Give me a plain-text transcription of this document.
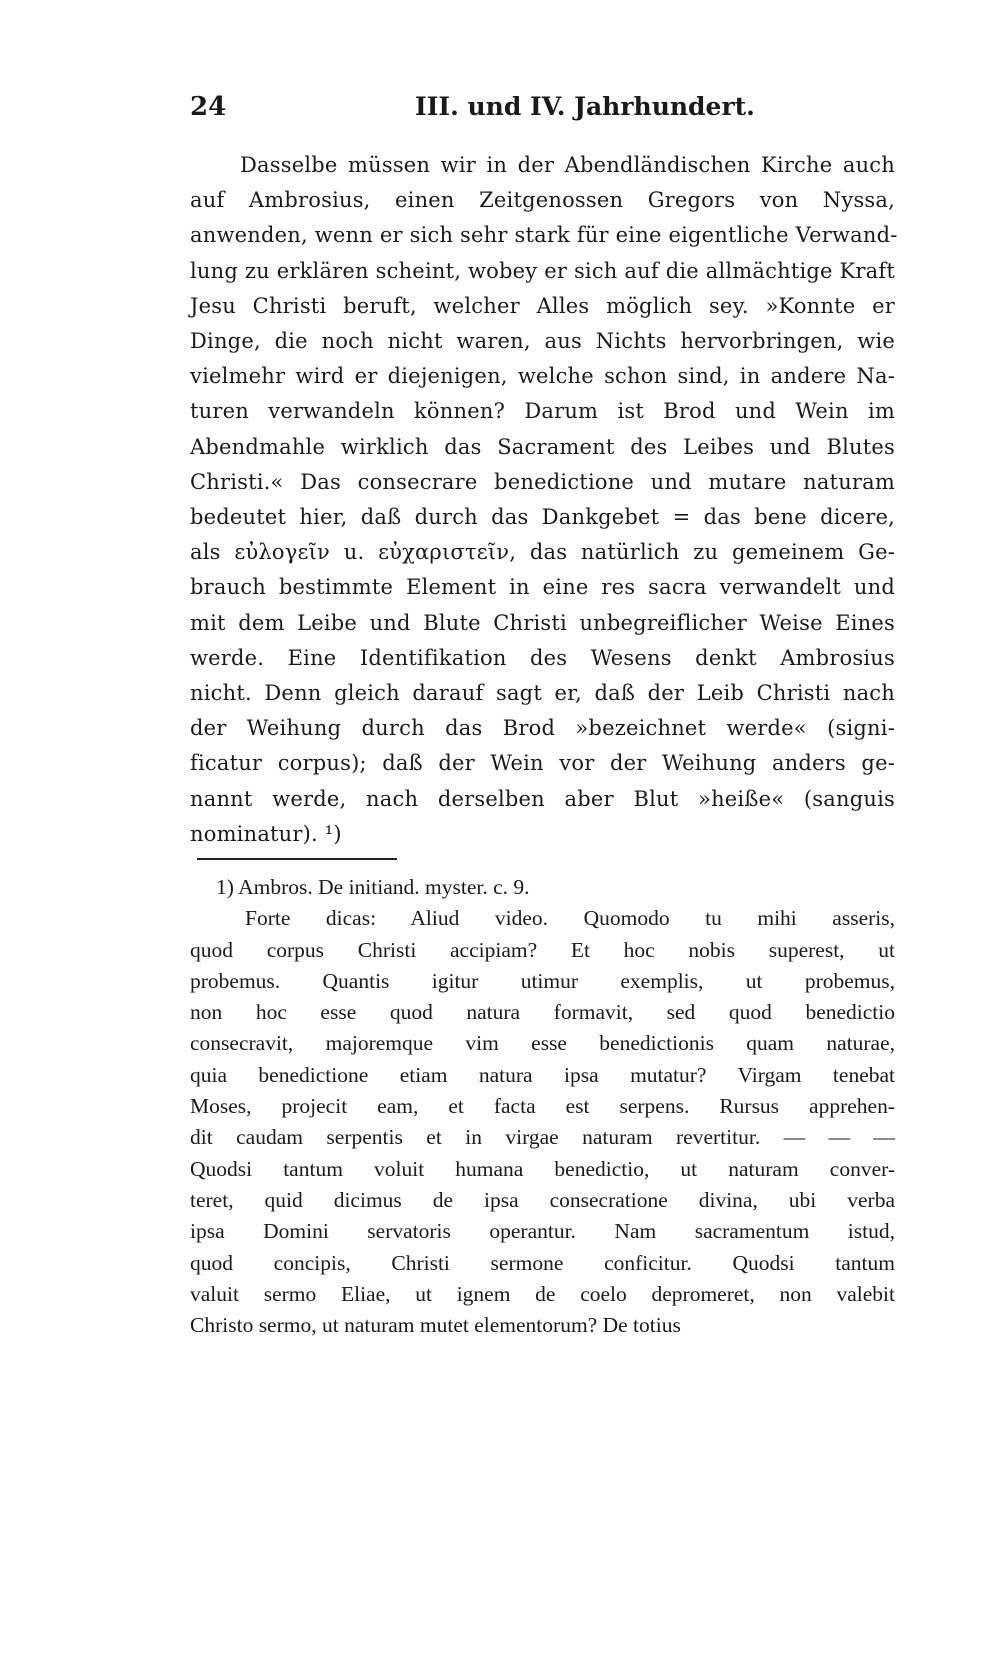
24	III. und IV. Jahrhundert.
Dasselbe müssen wir in der Abendländischen Kirche auch
auf Ambrosius, einen Zeitgenossen Gregors von Nyssa,
anwenden, wenn er sich sehr stark für eine eigentliche Verwand-
lung zu erklären scheint, wobey er sich auf die allmächtige Kraft
Jesu Christi beruft, welcher Alles möglich sey. »Konnte er
Dinge, die noch nicht waren, aus Nichts hervorbringen, wie
vielmehr wird er diejenigen, welche schon sind, in andere Na-
turen verwandeln können? Darum ist Brod und Wein im
Abendmahle wirklich das Sacrament des Leibes und Blutes
Christi.« Das consecrare benedictione und mutare naturam
bedeutet hier, daß durch das Dankgebet = das bene dicere,
als εὐλογεῖν u. εὐχαριστεῖν, das natürlich zu gemeinem Ge-
brauch bestimmte Element in eine res sacra verwandelt und
mit dem Leibe und Blute Christi unbegreiflicher Weise Eines
werde. Eine Identifikation des Wesens denkt Ambrosius
nicht. Denn gleich darauf sagt er, daß der Leib Christi nach
der Weihung durch das Brod »bezeichnet werde« (signi-
ficatur corpus); daß der Wein vor der Weihung anders ge-
nannt werde, nach derselben aber Blut »heiße« (sanguis
nominatur). ¹)
1) Ambros. De initiand. myster. c. 9.
Forte dicas: Aliud video. Quomodo tu mihi asseris,
quod corpus Christi accipiam? Et hoc nobis superest, ut
probemus. Quantis igitur utimur exemplis, ut probemus,
non hoc esse quod natura formavit, sed quod benedictio
consecravit, majoremque vim esse benedictionis quam naturae,
quia benedictione etiam natura ipsa mutatur? Virgam tenebat
Moses, projecit eam, et facta est serpens. Rursus apprehen-
dit caudam serpentis et in virgae naturam revertitur. — — —
Quodsi tantum voluit humana benedictio, ut naturam conver-
teret, quid dicimus de ipsa consecratione divina, ubi verba
ipsa Domini servatoris operantur. Nam sacramentum istud,
quod concipis, Christi sermone conficitur. Quodsi tantum
valuit sermo Eliae, ut ignem de coelo depromeret, non valebit
Christo sermo, ut naturam mutet elementorum? De totius
